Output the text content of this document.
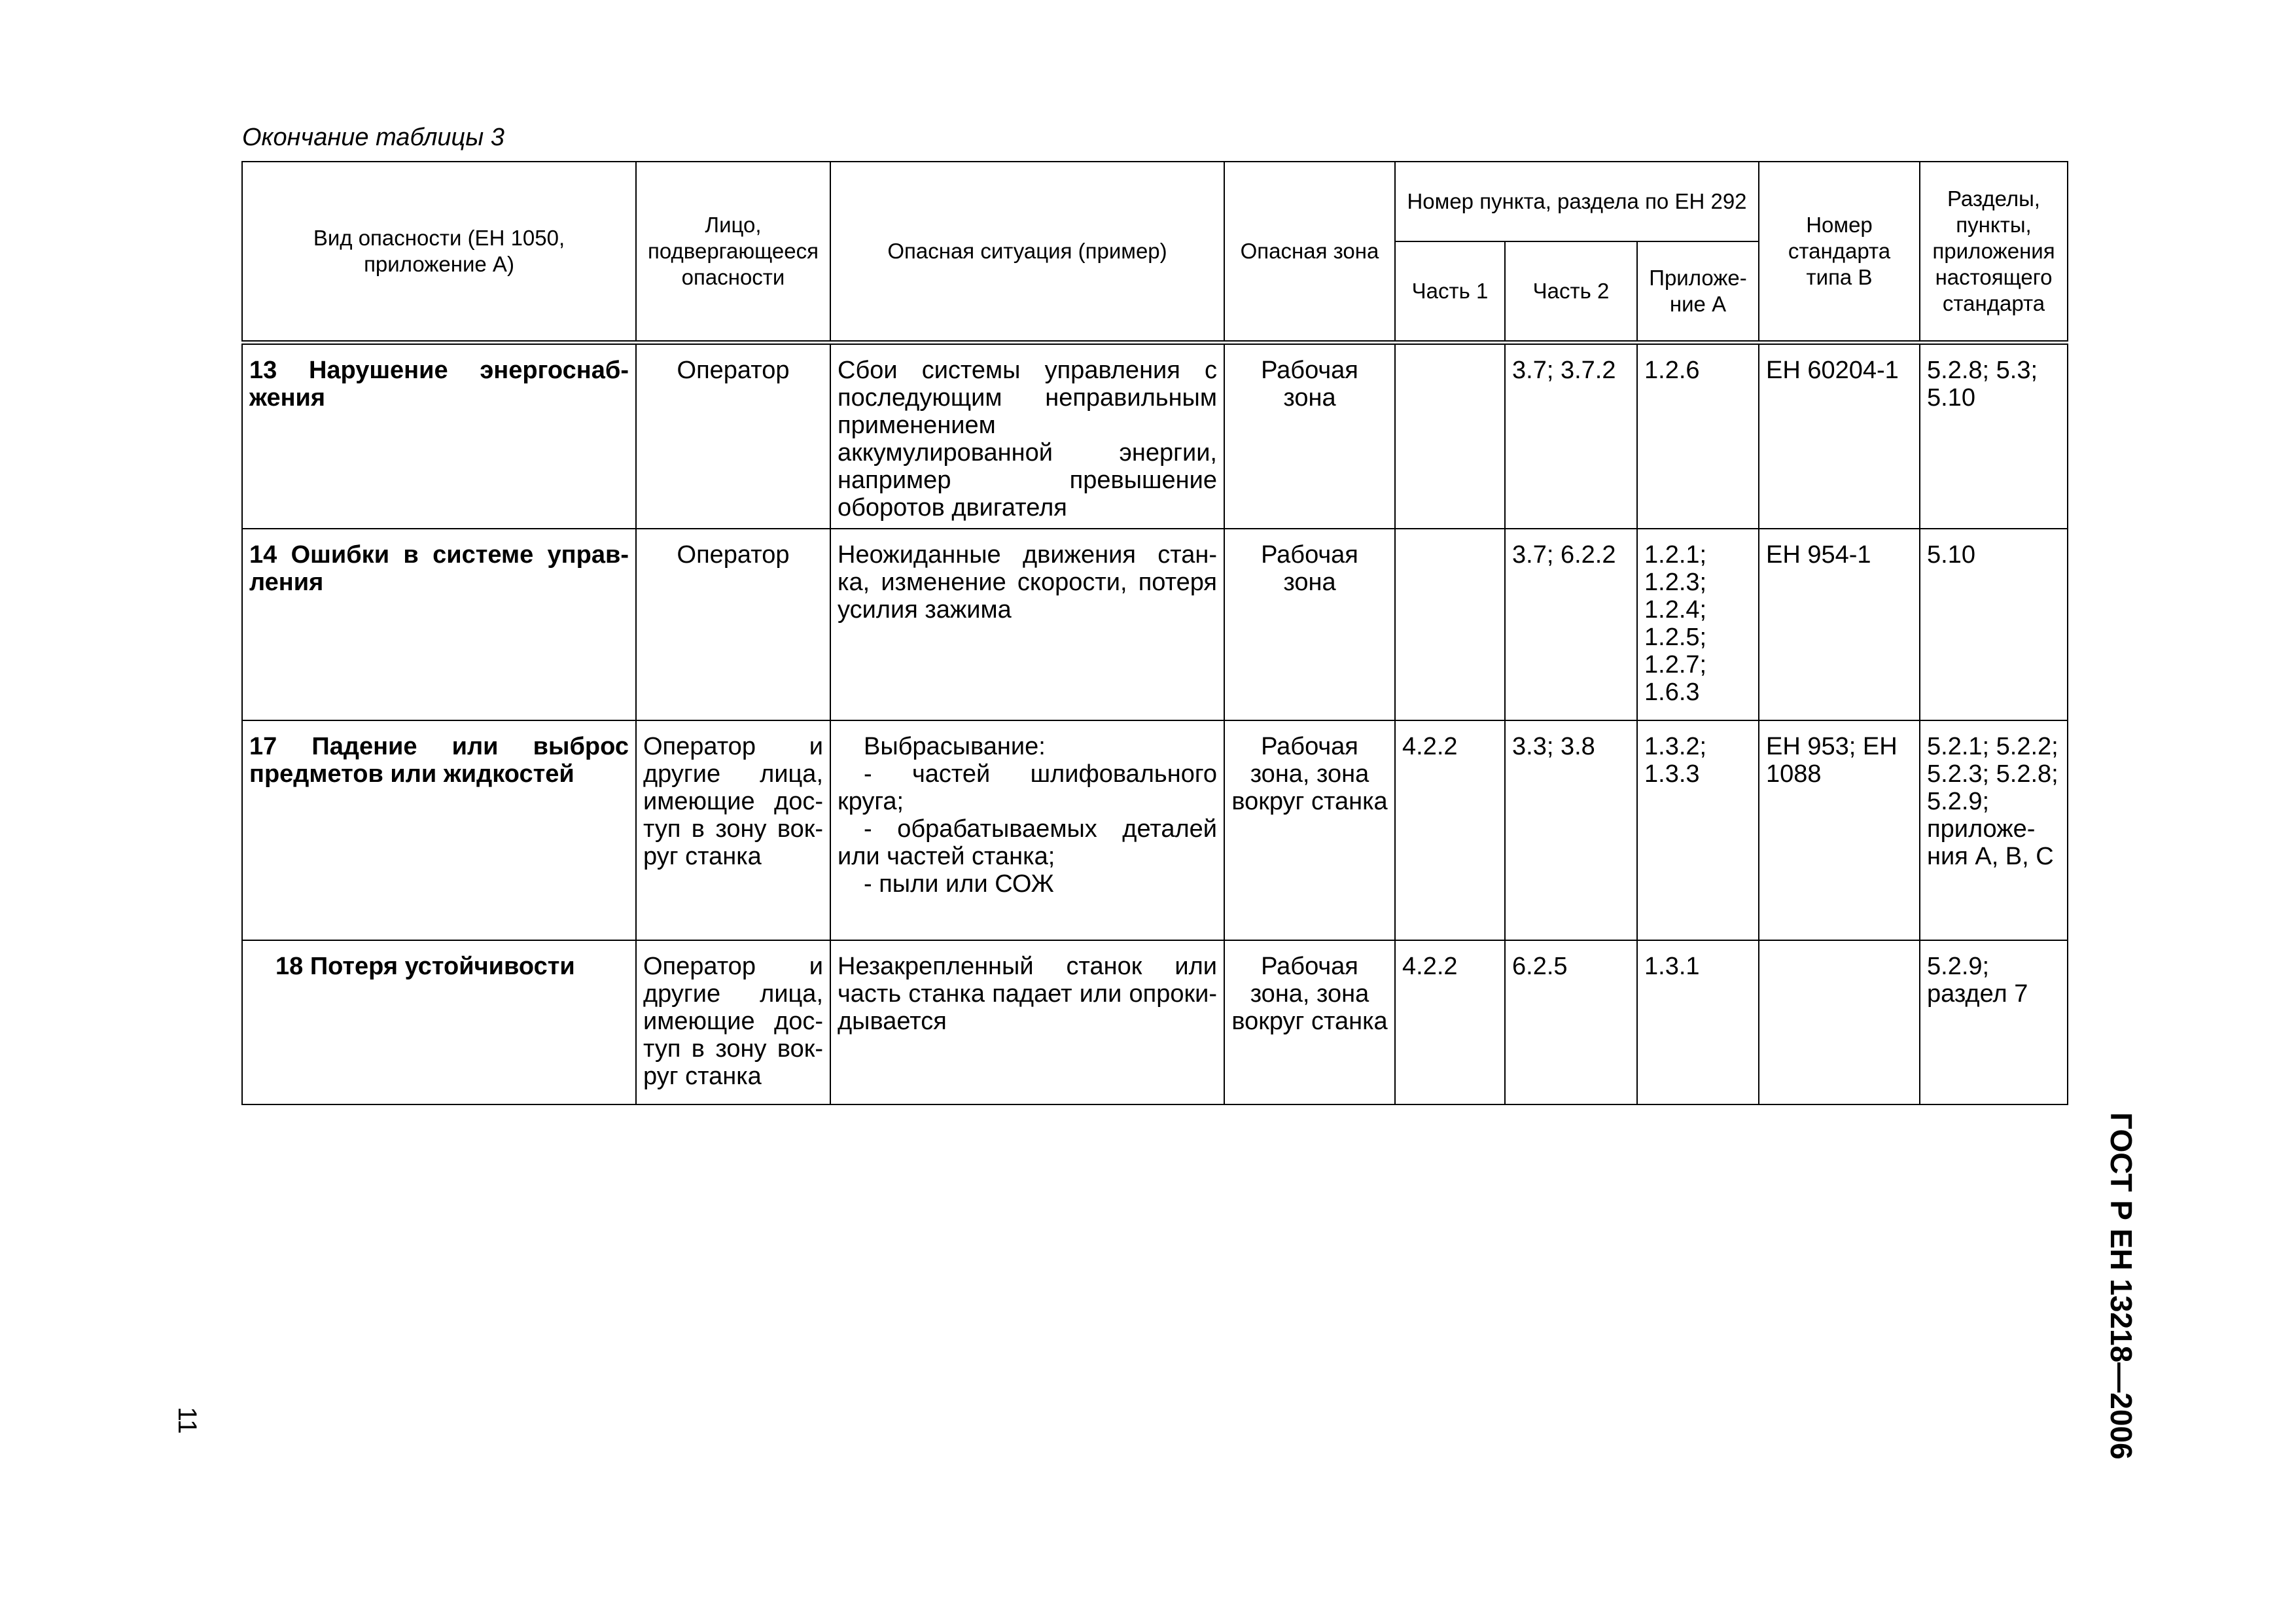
Окончание таблицы 3
Вид опасности (ЕН 1050, приложение А)	Лицо, подвергающееся опасности	Опасная ситуация (пример)	Опасная зона	Номер пункта, раздела по ЕН 292			Номер стандарта типа В	Разделы, пункты, приложения настоящего стандарта
				Часть 1	Часть 2	Приложе-ние А		
13 Нарушение энергоснаб-жения	Оператор	Сбои системы управления с последующим неправильным применением аккумулированной энергии, например превышение оборотов двигателя	Рабочая зона		3.7; 3.7.2	1.2.6	ЕН 60204-1	5.2.8; 5.3; 5.10
14 Ошибки в системе управ-ления	Оператор	Неожиданные движения стан-ка, изменение скорости, потеря усилия зажима	Рабочая зона		3.7; 6.2.2	1.2.1; 1.2.3; 1.2.4; 1.2.5; 1.2.7; 1.6.3	ЕН 954-1	5.10
17 Падение или выброс предметов или жидкостей	Оператор и другие лица, имеющие дос-туп в зону вок-руг станка	Выбрасывание:
- частей шлифовального круга;
- обрабатываемых деталей или частей станка;
- пыли или СОЖ	Рабочая зона, зона вокруг станка	4.2.2	3.3; 3.8	1.3.2; 1.3.3	ЕН 953; ЕН 1088	5.2.1; 5.2.2; 5.2.3; 5.2.8; 5.2.9; приложе-ния А, В, С
18 Потеря устойчивости	Оператор и другие лица, имеющие дос-туп в зону вок-руг станка	Незакрепленный станок или часть станка падает или опроки-дывается	Рабочая зона, зона вокруг станка	4.2.2	6.2.5	1.3.1		5.2.9; раздел 7
ГОСТ Р ЕН 13218—2006
11
